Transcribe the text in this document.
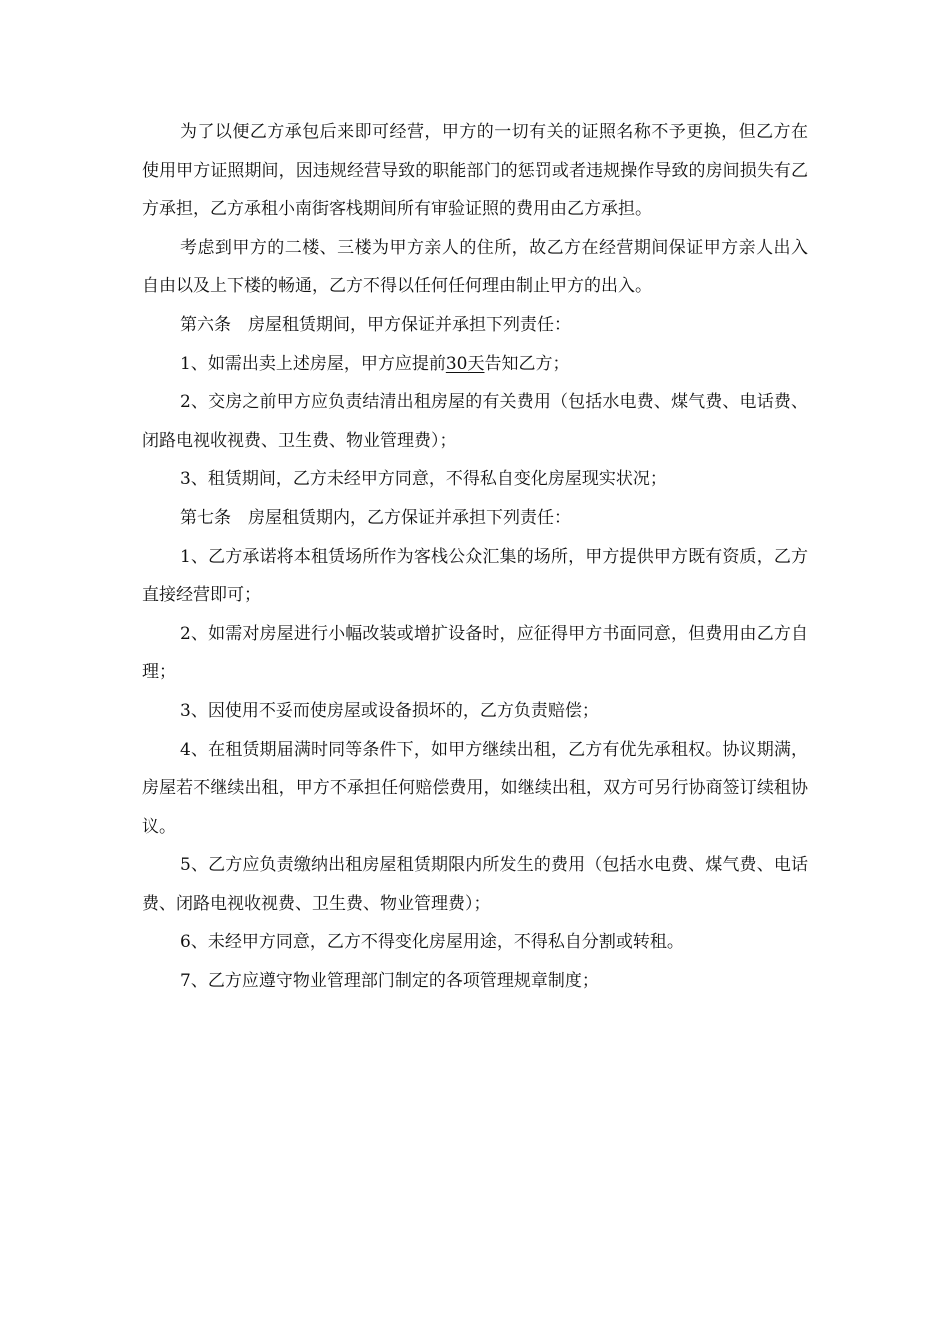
为了以便乙方承包后来即可经营，甲方的一切有关的证照名称不予更换，但乙方在使用甲方证照期间，因违规经营导致的职能部门的惩罚或者违规操作导致的房间损失有乙方承担，乙方承租小南街客栈期间所有审验证照的费用由乙方承担。

考虑到甲方的二楼、三楼为甲方亲人的住所，故乙方在经营期间保证甲方亲人出入自由以及上下楼的畅通，乙方不得以任何任何理由制止甲方的出入。

第六条　房屋租赁期间，甲方保证并承担下列责任：

1、如需出卖上述房屋，甲方应提前30天告知乙方；

2、交房之前甲方应负责结清出租房屋的有关费用（包括水电费、煤气费、电话费、闭路电视收视费、卫生费、物业管理费）；

3、租赁期间，乙方未经甲方同意，不得私自变化房屋现实状况；

第七条　房屋租赁期内，乙方保证并承担下列责任：

1、乙方承诺将本租赁场所作为客栈公众汇集的场所，甲方提供甲方既有资质，乙方直接经营即可；

2、如需对房屋进行小幅改装或增扩设备时，应征得甲方书面同意，但费用由乙方自理；

3、因使用不妥而使房屋或设备损坏的，乙方负责赔偿；

4、在租赁期届满时同等条件下，如甲方继续出租，乙方有优先承租权。协议期满，房屋若不继续出租，甲方不承担任何赔偿费用，如继续出租，双方可另行协商签订续租协议。

5、乙方应负责缴纳出租房屋租赁期限内所发生的费用（包括水电费、煤气费、电话费、闭路电视收视费、卫生费、物业管理费）；

6、未经甲方同意，乙方不得变化房屋用途，不得私自分割或转租。

7、乙方应遵守物业管理部门制定的各项管理规章制度；
